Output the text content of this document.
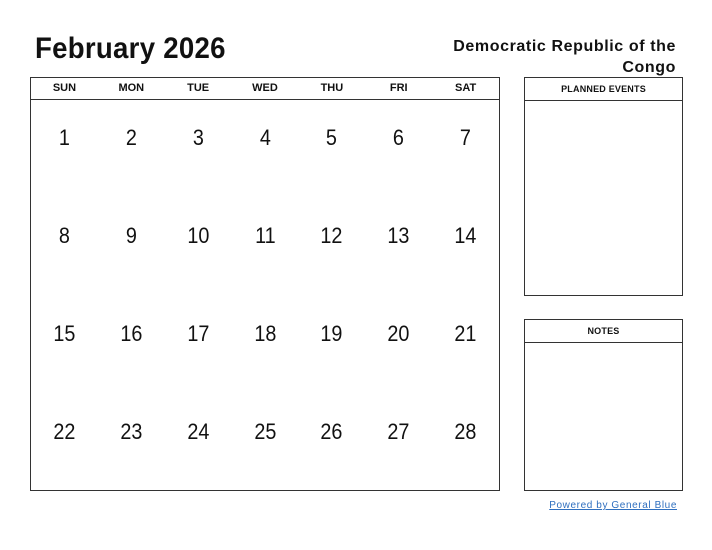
February 2026	Democratic Republic of the Congo
SUN	MON	TUE	WED	THU	FRI	SAT
1	2	3	4	5	6	7
8	9	10	11	12	13	14
15	16	17	18	19	20	21
22	23	24	25	26	27	28
PLANNED EVENTS
NOTES
Powered by General Blue
